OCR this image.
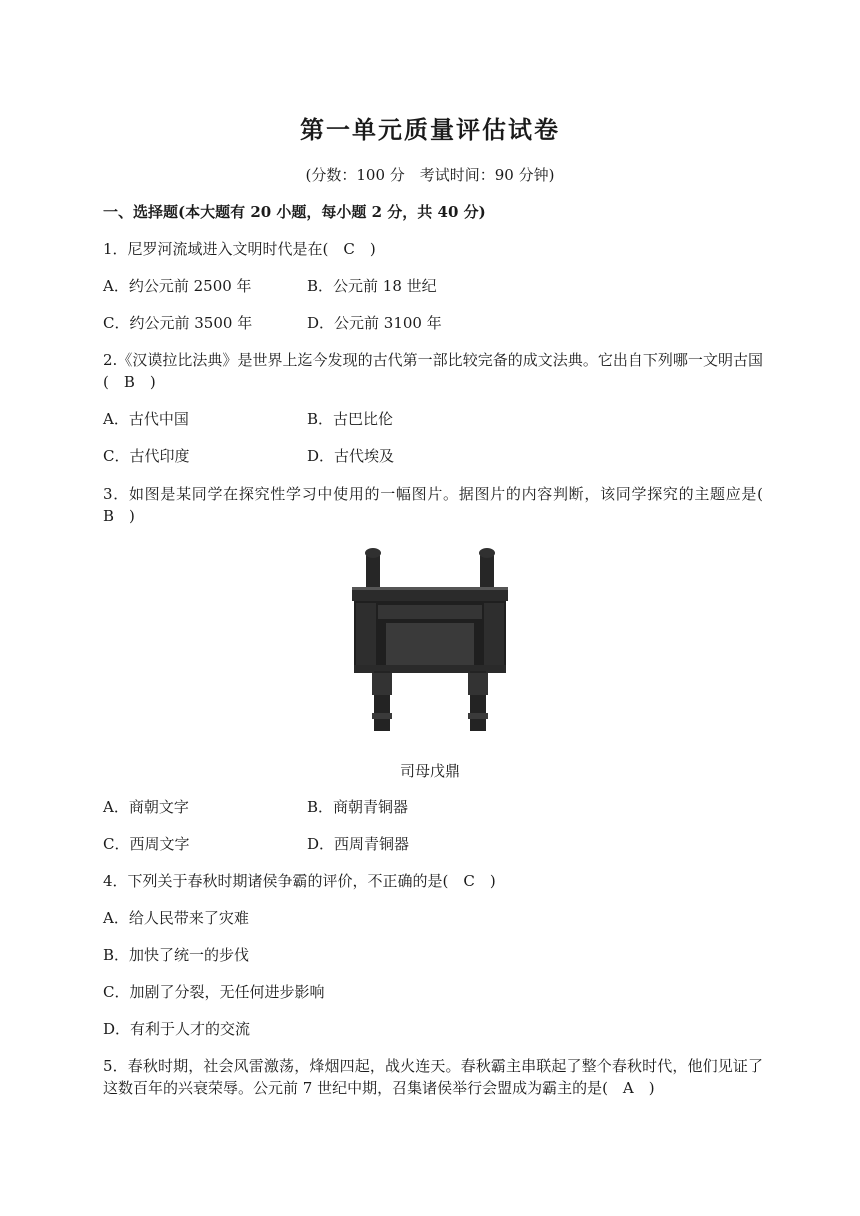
第一单元质量评估试卷
(分数：100 分　考试时间：90 分钟)
一、选择题(本大题有 20 小题，每小题 2 分，共 40 分)
1．尼罗河流域进入文明时代是在(　C　)
A．约公元前 2500 年	B．公元前 18 世纪
C．约公元前 3500 年	D．公元前 3100 年
2.《汉谟拉比法典》是世界上迄今发现的古代第一部比较完备的成文法典。它出自下列哪一文明古国(　B　)
A．古代中国	B．古巴比伦
C．古代印度	D．古代埃及
3．如图是某同学在探究性学习中使用的一幅图片。据图片的内容判断，该同学探究的主题应是(　B　)
司母戊鼎
A．商朝文字	B．商朝青铜器
C．西周文字	D．西周青铜器
4．下列关于春秋时期诸侯争霸的评价，不正确的是(　C　)
A．给人民带来了灾难
B．加快了统一的步伐
C．加剧了分裂，无任何进步影响
D．有利于人才的交流
5．春秋时期，社会风雷激荡，烽烟四起，战火连天。春秋霸主串联起了整个春秋时代，他们见证了这数百年的兴衰荣辱。公元前 7 世纪中期，召集诸侯举行会盟成为霸主的是(　A　)
